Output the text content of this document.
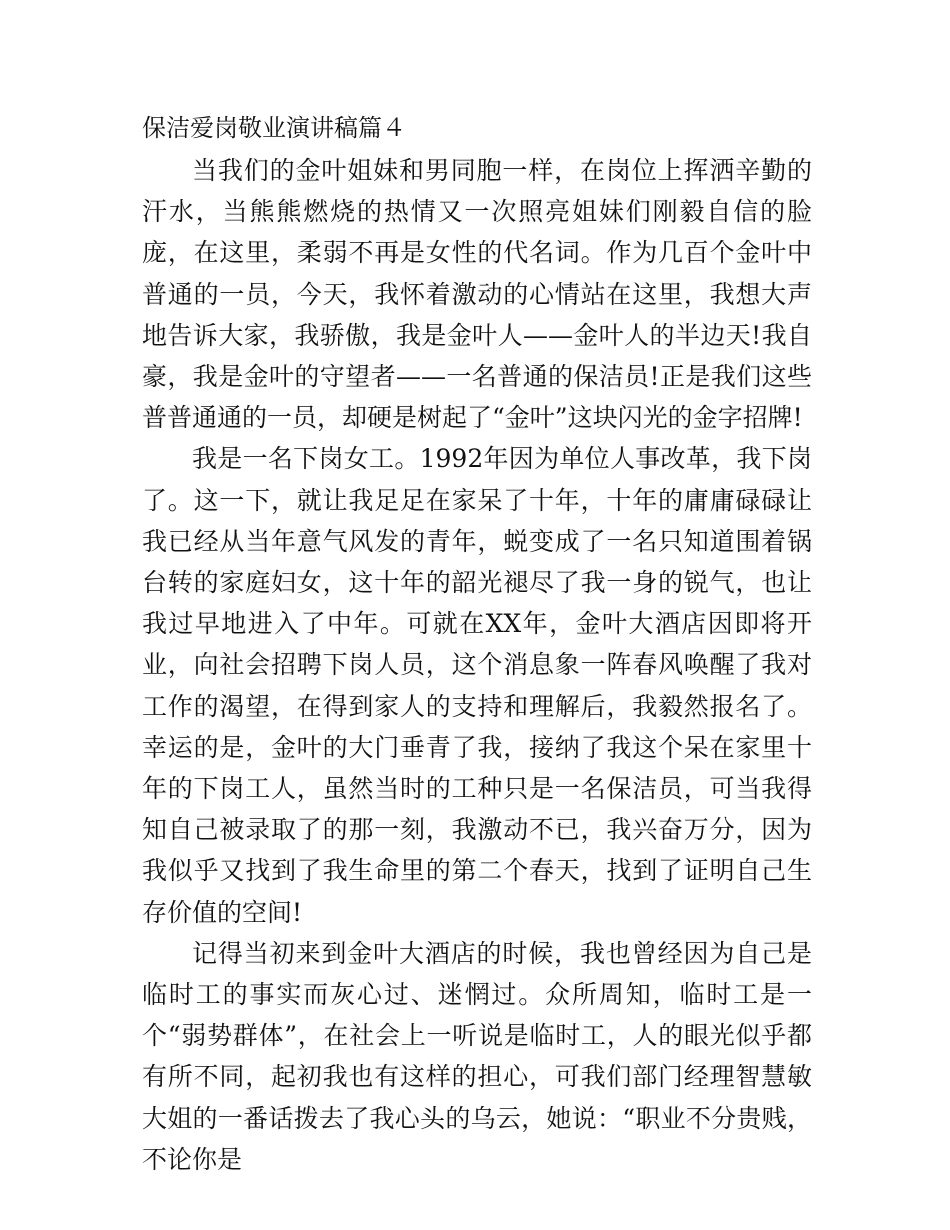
保洁爱岗敬业演讲稿篇４

当我们的金叶姐妹和男同胞一样，在岗位上挥洒辛勤的汗水，当熊熊燃烧的热情又一次照亮姐妹们刚毅自信的脸庞，在这里，柔弱不再是女性的代名词。作为几百个金叶中普通的一员，今天，我怀着激动的心情站在这里，我想大声地告诉大家，我骄傲，我是金叶人——金叶人的半边天!我自豪，我是金叶的守望者——一名普通的保洁员!正是我们这些普普通通的一员，却硬是树起了“金叶”这块闪光的金字招牌!

我是一名下岗女工。1992年因为单位人事改革，我下岗了。这一下，就让我足足在家呆了十年，十年的庸庸碌碌让我已经从当年意气风发的青年，蜕变成了一名只知道围着锅台转的家庭妇女，这十年的韶光褪尽了我一身的锐气，也让我过早地进入了中年。可就在XX年，金叶大酒店因即将开业，向社会招聘下岗人员，这个消息象一阵春风唤醒了我对工作的渴望，在得到家人的支持和理解后，我毅然报名了。幸运的是，金叶的大门垂青了我，接纳了我这个呆在家里十年的下岗工人，虽然当时的工种只是一名保洁员，可当我得知自己被录取了的那一刻，我激动不已，我兴奋万分，因为我似乎又找到了我生命里的第二个春天，找到了证明自己生存价值的空间!

记得当初来到金叶大酒店的时候，我也曾经因为自己是临时工的事实而灰心过、迷惘过。众所周知，临时工是一个“弱势群体”，在社会上一听说是临时工，人的眼光似乎都有所不同，起初我也有这样的担心，可我们部门经理智慧敏大姐的一番话拨去了我心头的乌云，她说：“职业不分贵贱，不论你是
